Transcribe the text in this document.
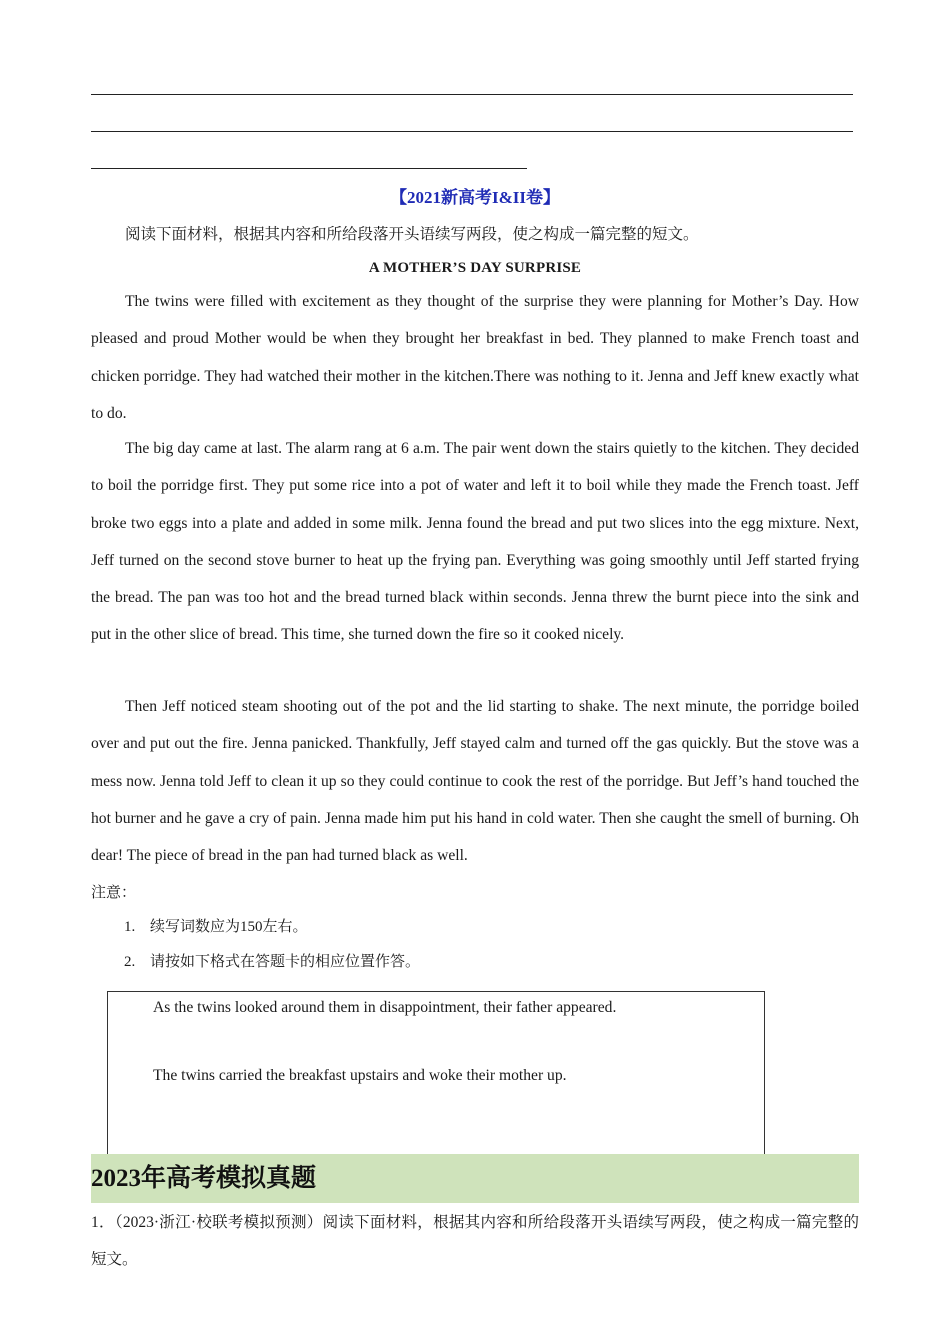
【2021新高考I&II卷】
阅读下面材料，根据其内容和所给段落开头语续写两段，使之构成一篇完整的短文。
A MOTHER’S DAY SURPRISE

The twins were filled with excitement as they thought of the surprise they were planning for Mother’s Day. How pleased and proud Mother would be when they brought her breakfast in bed. They planned to make French toast and chicken porridge. They had watched their mother in the kitchen.There was nothing to it. Jenna and Jeff knew exactly what to do.

The big day came at last. The alarm rang at 6 a.m. The pair went down the stairs quietly to the kitchen. They decided to boil the porridge first. They put some rice into a pot of water and left it to boil while they made the French toast. Jeff broke two eggs into a plate and added in some milk. Jenna found the bread and put two slices into the egg mixture. Next, Jeff turned on the second stove burner to heat up the frying pan. Everything was going smoothly until Jeff started frying the bread. The pan was too hot and the bread turned black within seconds. Jenna threw the burnt piece into the sink and put in the other slice of bread. This time, she turned down the fire so it cooked nicely.

Then Jeff noticed steam shooting out of the pot and the lid starting to shake. The next minute, the porridge boiled over and put out the fire. Jenna panicked. Thankfully, Jeff stayed calm and turned off the gas quickly. But the stove was a mess now. Jenna told Jeff to clean it up so they could continue to cook the rest of the porridge. But Jeff’s hand touched the hot burner and he gave a cry of pain. Jenna made him put his hand in cold water. Then she caught the smell of burning. Oh dear! The piece of bread in the pan had turned black as well.

注意：
1. 续写词数应为150左右。
2. 请按如下格式在答题卡的相应位置作答。

As the twins looked around them in disappointment, their father appeared.

The twins carried the breakfast upstairs and woke their mother up.

2023年高考模拟真题

1．（2023·浙江·校联考模拟预测）阅读下面材料，根据其内容和所给段落开头语续写两段，使之构成一篇完整的短文。
